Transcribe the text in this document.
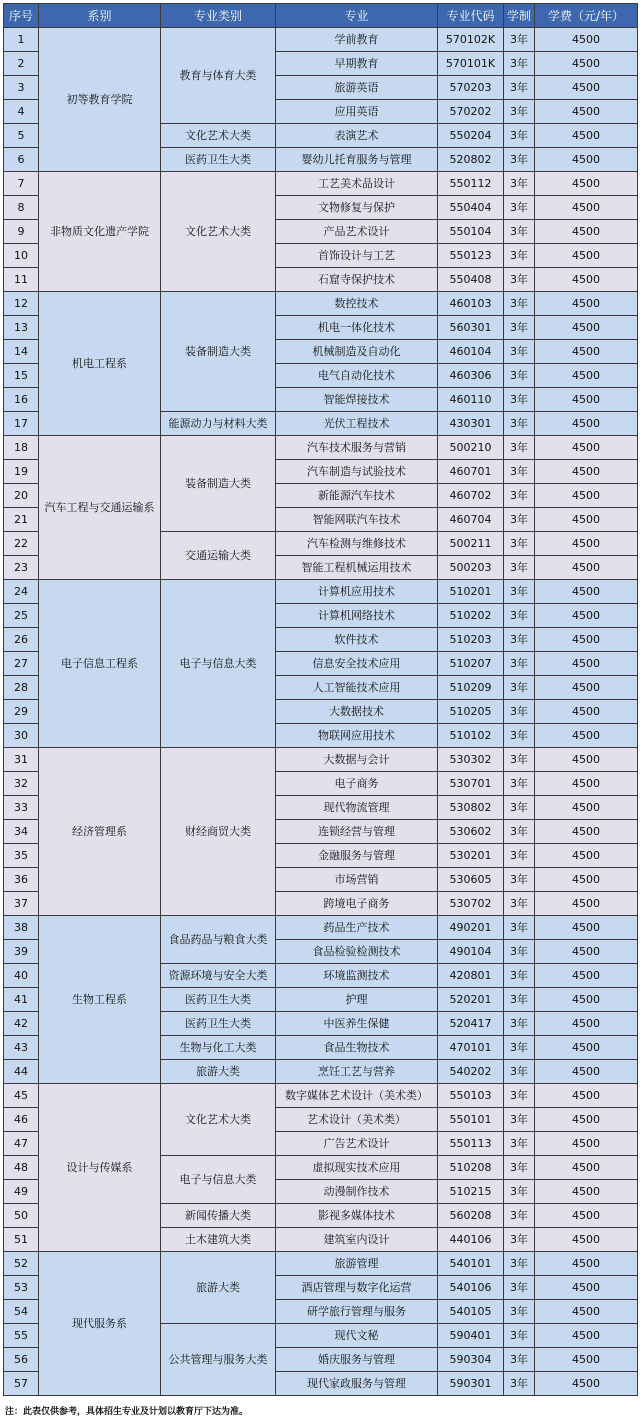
序号	系别	专业类别	专业	专业代码	学制	学费（元/年）
1	初等教育学院	教育与体育大类	学前教育	570102K	3年	4500
2			早期教育	570101K	3年	4500
3			旅游英语	570203	3年	4500
4			应用英语	570202	3年	4500
5		文化艺术大类	表演艺术	550204	3年	4500
6		医药卫生大类	婴幼儿托育服务与管理	520802	3年	4500
7	非物质文化遗产学院	文化艺术大类	工艺美术品设计	550112	3年	4500
8			文物修复与保护	550404	3年	4500
9			产品艺术设计	550104	3年	4500
10			首饰设计与工艺	550123	3年	4500
11			石窟寺保护技术	550408	3年	4500
12	机电工程系	装备制造大类	数控技术	460103	3年	4500
13			机电一体化技术	560301	3年	4500
14			机械制造及自动化	460104	3年	4500
15			电气自动化技术	460306	3年	4500
16			智能焊接技术	460110	3年	4500
17		能源动力与材料大类	光伏工程技术	430301	3年	4500
18	汽车工程与交通运输系	装备制造大类	汽车技术服务与营销	500210	3年	4500
19			汽车制造与试验技术	460701	3年	4500
20			新能源汽车技术	460702	3年	4500
21			智能网联汽车技术	460704	3年	4500
22		交通运输大类	汽车检测与维修技术	500211	3年	4500
23			智能工程机械运用技术	500203	3年	4500
24	电子信息工程系	电子与信息大类	计算机应用技术	510201	3年	4500
25			计算机网络技术	510202	3年	4500
26			软件技术	510203	3年	4500
27			信息安全技术应用	510207	3年	4500
28			人工智能技术应用	510209	3年	4500
29			大数据技术	510205	3年	4500
30			物联网应用技术	510102	3年	4500
31	经济管理系	财经商贸大类	大数据与会计	530302	3年	4500
32			电子商务	530701	3年	4500
33			现代物流管理	530802	3年	4500
34			连锁经营与管理	530602	3年	4500
35			金融服务与管理	530201	3年	4500
36			市场营销	530605	3年	4500
37			跨境电子商务	530702	3年	4500
38	生物工程系	食品药品与粮食大类	药品生产技术	490201	3年	4500
39			食品检验检测技术	490104	3年	4500
40		资源环境与安全大类	环境监测技术	420801	3年	4500
41		医药卫生大类	护理	520201	3年	4500
42		医药卫生大类	中医养生保健	520417	3年	4500
43		生物与化工大类	食品生物技术	470101	3年	4500
44		旅游大类	烹饪工艺与营养	540202	3年	4500
45	设计与传媒系	文化艺术大类	数字媒体艺术设计（美术类）	550103	3年	4500
46			艺术设计（美术类）	550101	3年	4500
47			广告艺术设计	550113	3年	4500
48		电子与信息大类	虚拟现实技术应用	510208	3年	4500
49			动漫制作技术	510215	3年	4500
50		新闻传播大类	影视多媒体技术	560208	3年	4500
51		土木建筑大类	建筑室内设计	440106	3年	4500
52	现代服务系	旅游大类	旅游管理	540101	3年	4500
53			酒店管理与数字化运营	540106	3年	4500
54			研学旅行管理与服务	540105	3年	4500
55		公共管理与服务大类	现代文秘	590401	3年	4500
56			婚庆服务与管理	590304	3年	4500
57			现代家政服务与管理	590301	3年	4500
注：此表仅供参考，具体招生专业及计划以教育厅下达为准。
